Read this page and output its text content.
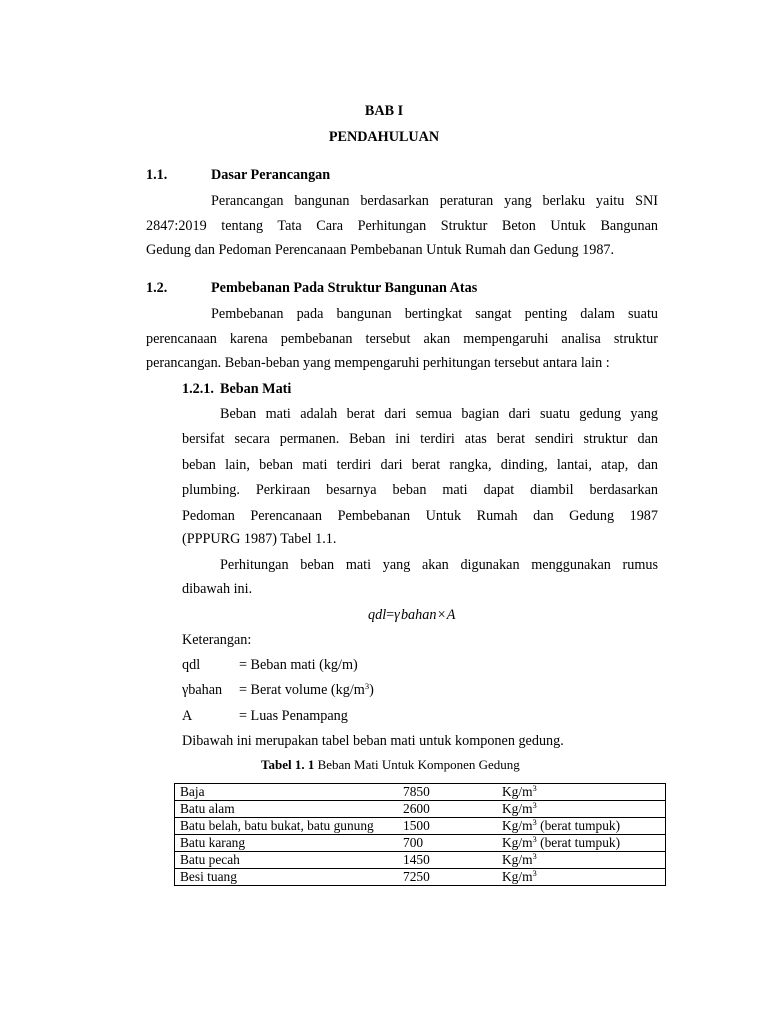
BAB I
PENDAHULUAN
1.1.	Dasar Perancangan
Perancangan bangunan berdasarkan peraturan yang berlaku yaitu SNI
2847:2019 tentang Tata Cara Perhitungan Struktur Beton Untuk Bangunan
Gedung dan Pedoman Perencanaan Pembebanan Untuk Rumah dan Gedung 1987.
1.2.	Pembebanan Pada Struktur Bangunan Atas
Pembebanan pada bangunan bertingkat sangat penting dalam suatu
perencanaan karena pembebanan tersebut akan mempengaruhi analisa struktur
perancangan. Beban-beban yang mempengaruhi perhitungan tersebut antara lain :
1.2.1. Beban Mati
Beban mati adalah berat dari semua bagian dari suatu gedung yang
bersifat secara permanen. Beban ini terdiri atas berat sendiri struktur dan
beban lain, beban mati terdiri dari berat rangka, dinding, lantai, atap, dan
plumbing. Perkiraan besarnya beban mati dapat diambil berdasarkan
Pedoman Perencanaan Pembebanan Untuk Rumah dan Gedung 1987
(PPPURG 1987) Tabel 1.1.
Perhitungan beban mati yang akan digunakan menggunakan rumus
dibawah ini.
qdl=γ bahan × A
Keterangan:
qdl	= Beban mati (kg/m)
γbahan = Berat volume $(kg/m^3)$
A	= Luas Penampang
Dibawah ini merupakan tabel beban mati untuk komponen gedung.
Tabel 1. 1 Beban Mati Untuk Komponen Gedung
Baja	7850	$Kg/m^3$
Batu alam	2600	$Kg/m^3$
Batu belah, batu bukat, batu gunung	1500	$Kg/m^3$ (berat tumpuk)
Batu karang	700	$Kg/m^3$ (berat tumpuk)
Batu pecah	1450	$Kg/m^3$
Besi tuang	7250	$Kg/m^3$
